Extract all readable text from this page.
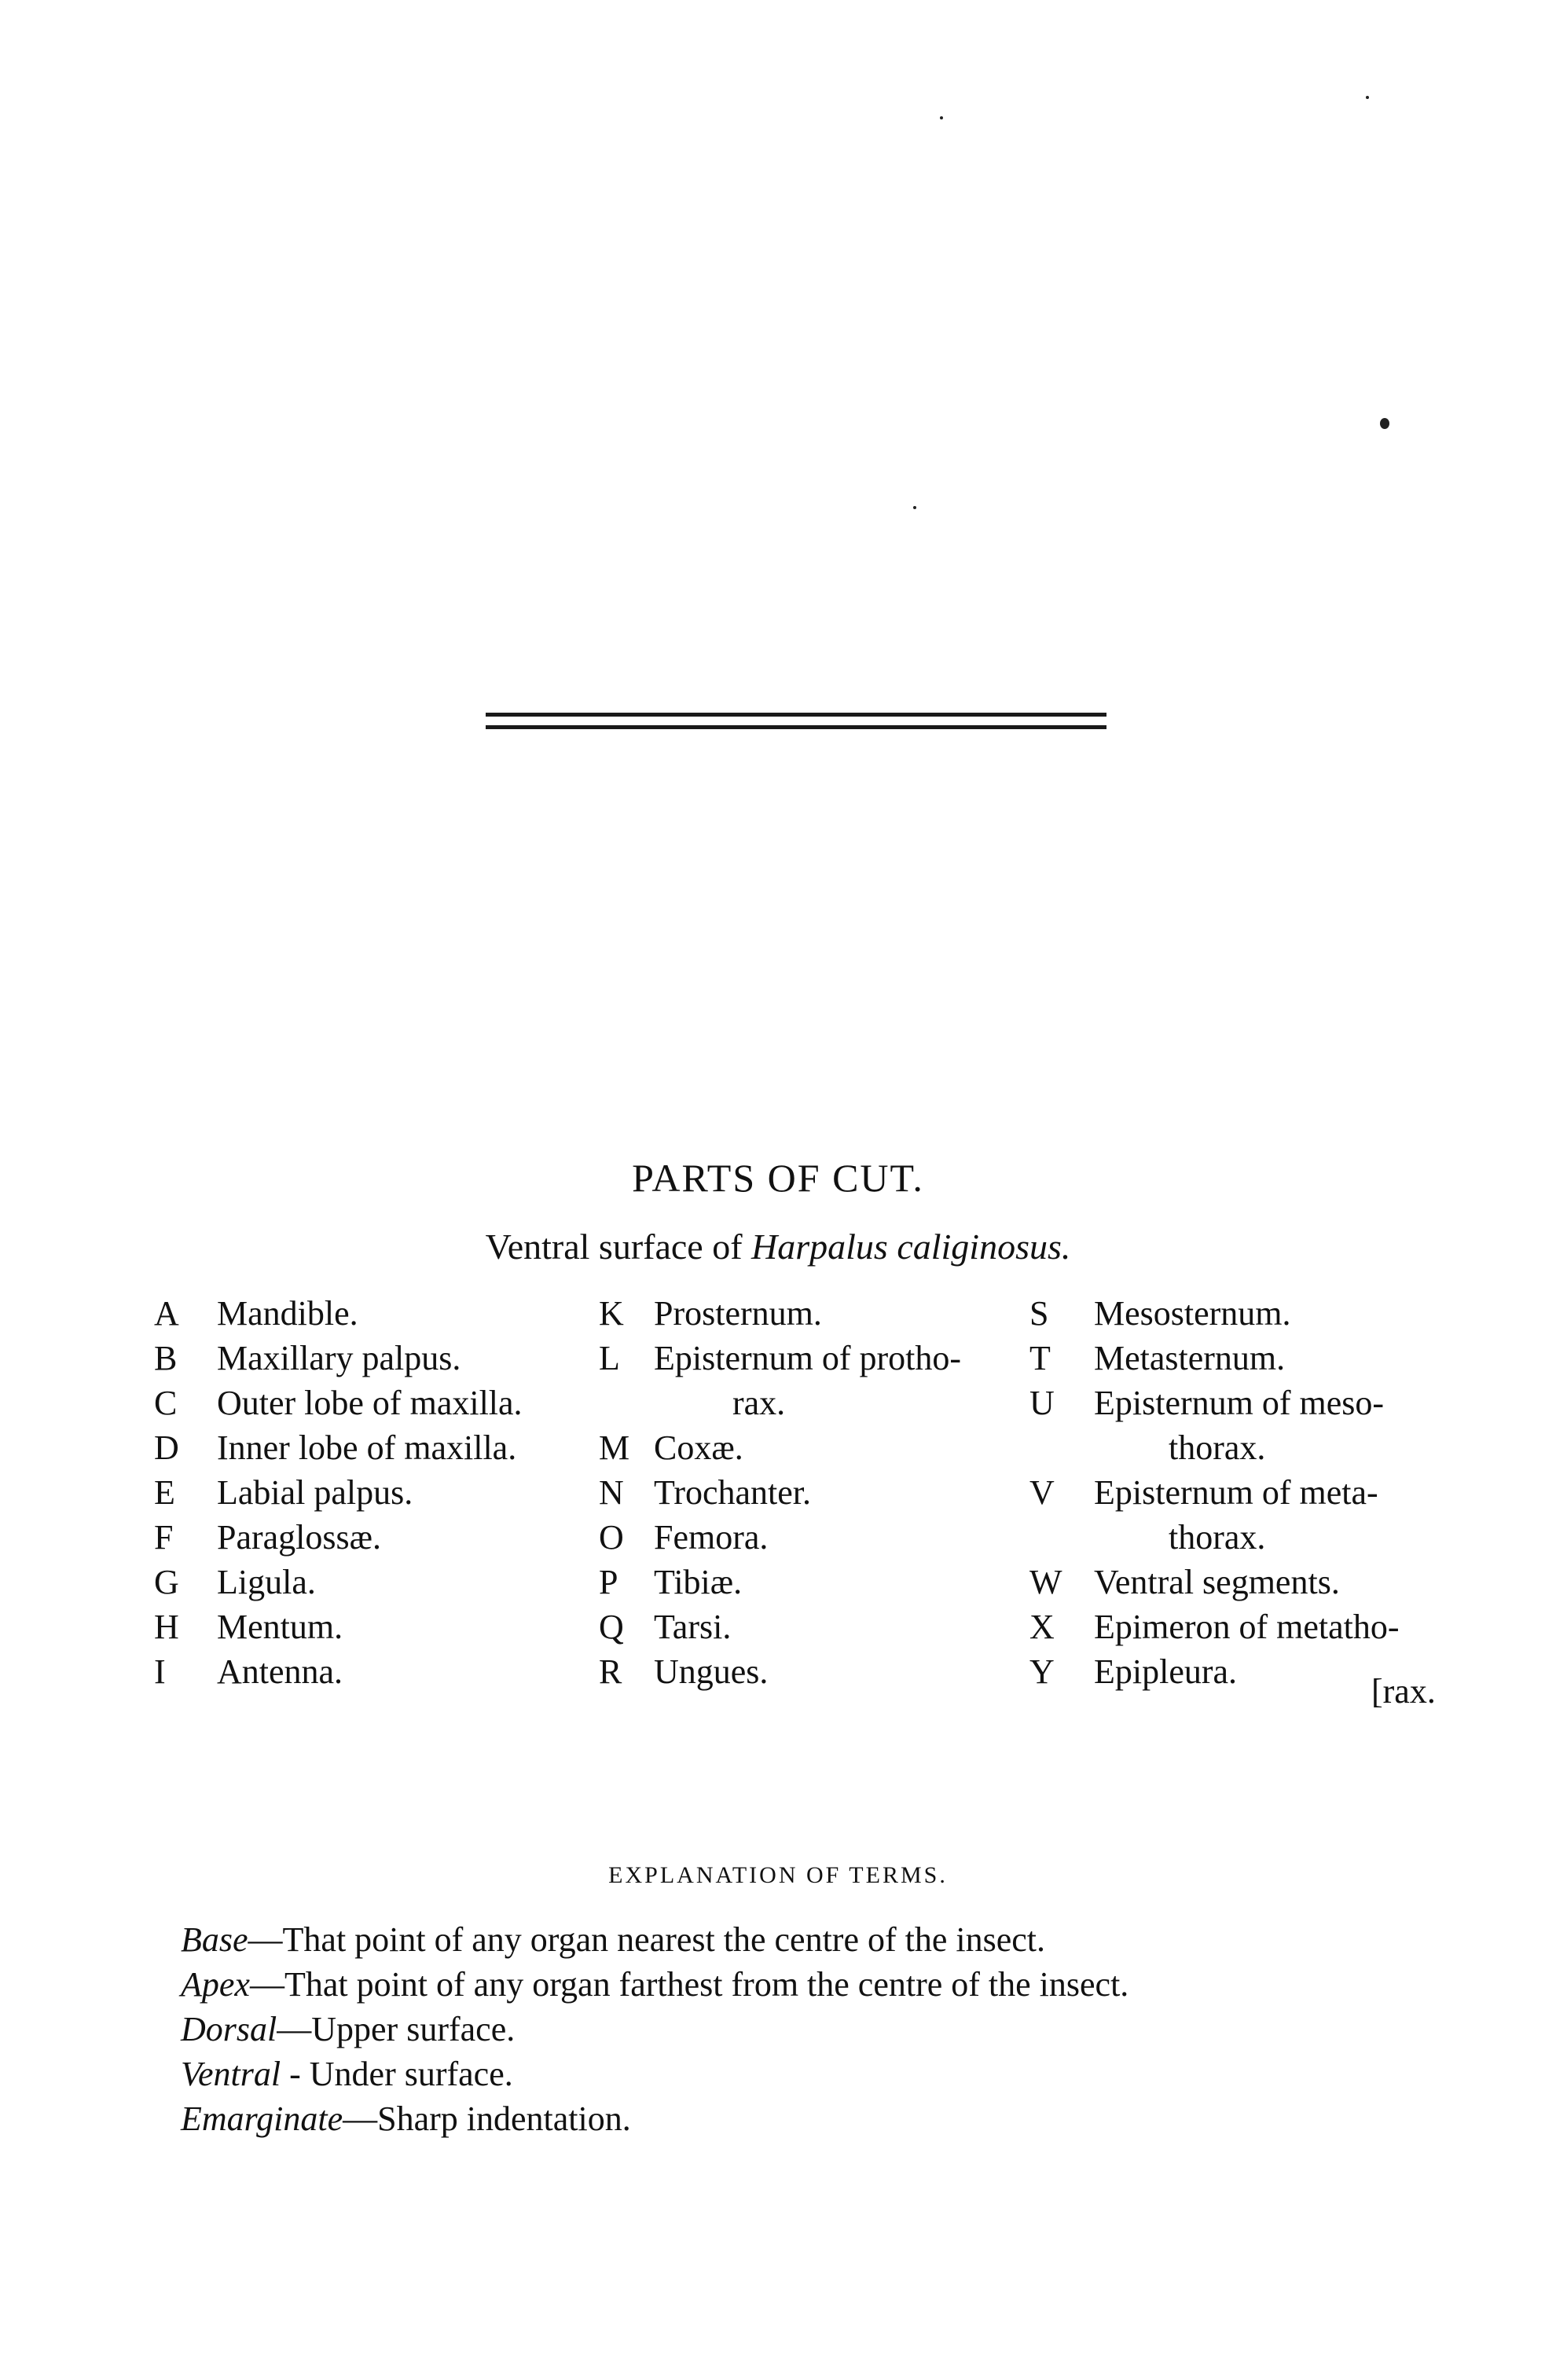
PARTS OF CUT.
Ventral surface of Harpalus caliginosus.
A Mandible.
B Maxillary palpus.
C Outer lobe of maxilla.
D Inner lobe of maxilla.
E Labial palpus.
F Paraglossæ.
G Ligula.
H Mentum.
I Antenna.
K Prosternum.
L Episternum of protho-
rax.
M Coxæ.
N Trochanter.
O Femora.
P Tibiæ.
Q Tarsi.
R Ungues.
S Mesosternum.
T Metasternum.
U Episternum of meso-
thorax.
V Episternum of meta-
thorax.
W Ventral segments.
X Epimeron of metatho-
Y Epipleura.
[rax.
EXPLANATION OF TERMS.
Base—That point of any organ nearest the centre of the insect.
Apex—That point of any organ farthest from the centre of the insect.
Dorsal—Upper surface.
Ventral - Under surface.
Emarginate—Sharp indentation.
